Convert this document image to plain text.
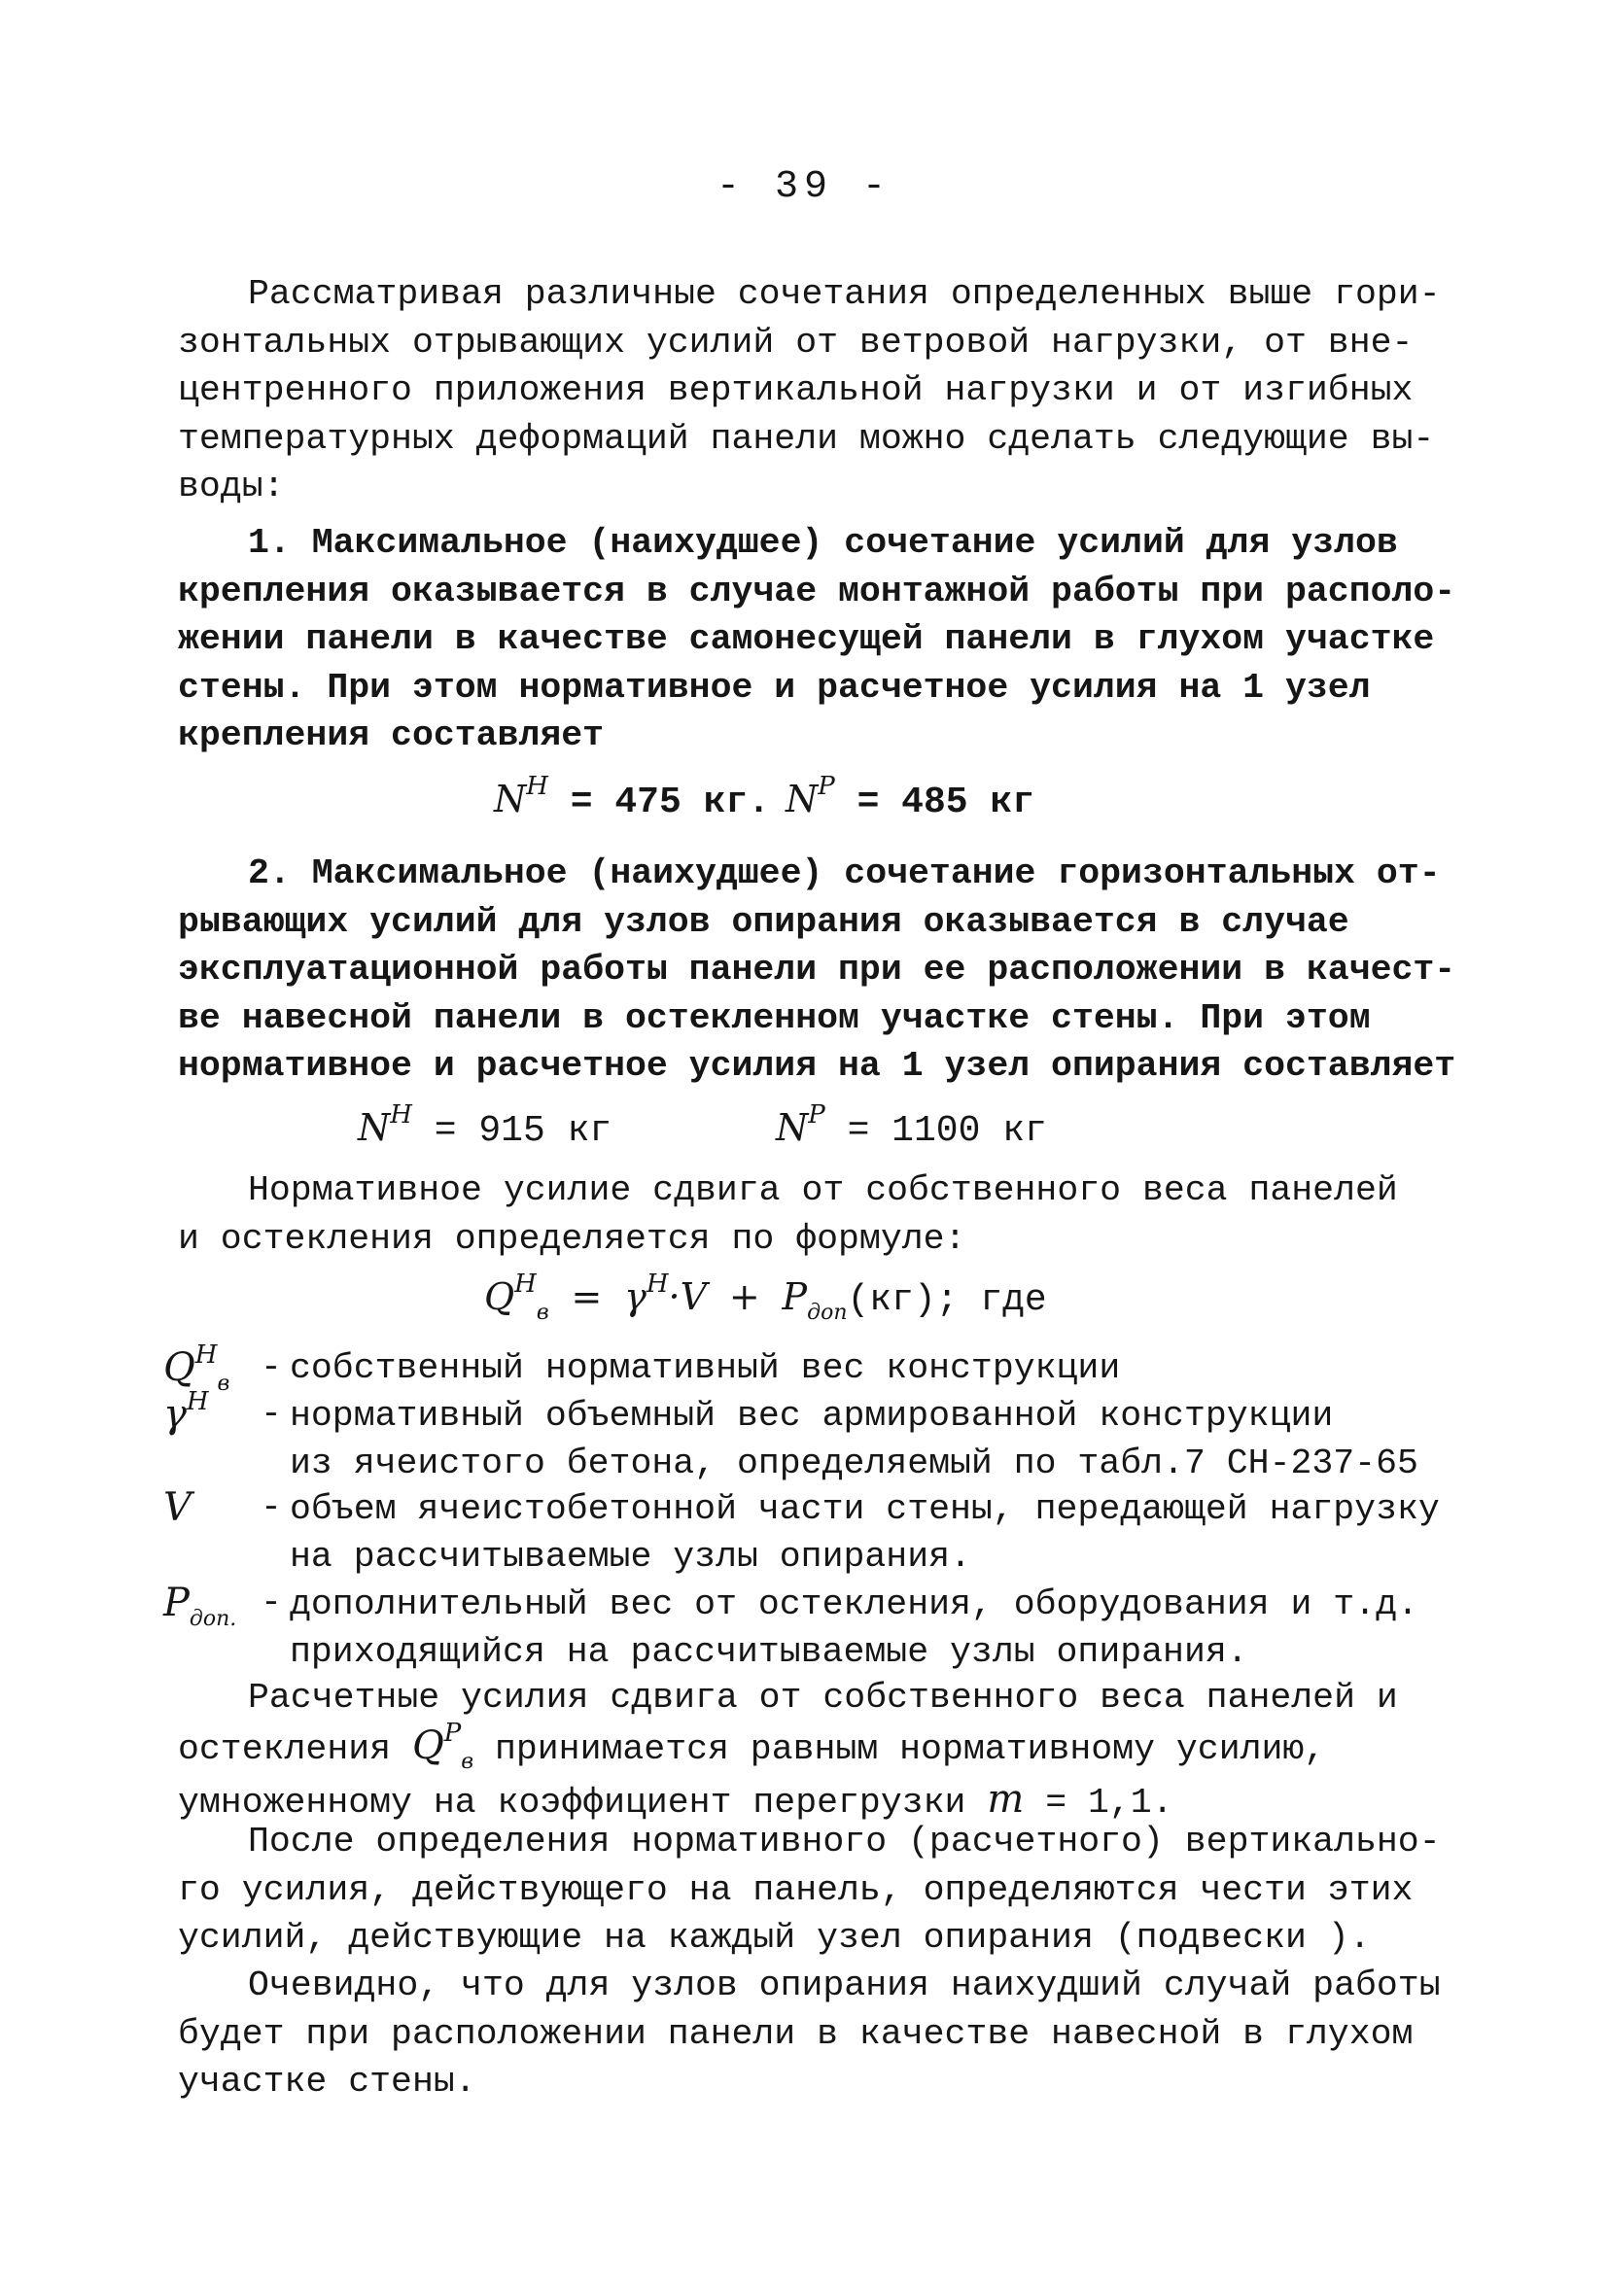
- 39 -
Рассматривая различные сочетания определенных выше гори-
зонтальных отрывающих усилий от ветровой нагрузки, от вне-
центренного приложения вертикальной нагрузки и от изгибных
температурных деформаций панели можно сделать следующие вы-
воды:
1. Максимальное (наихудшее) сочетание усилий для узлов
крепления оказывается в случае монтажной работы при располо-
жении панели в качестве самонесущей панели в глухом участке
стены. При этом нормативное и расчетное усилия на 1 узел
крепления составляет
$N^Н = 475$ кг. $N^Р = 485$ кг
2. Максимальное (наихудшее) сочетание горизонтальных от-
рывающих усилий для узлов опирания оказывается в случае
эксплуатационной работы панели при ее расположении в качест-
ве навесной панели в остекленном участке стены. При этом
нормативное и расчетное усилия на 1 узел опирания составляет
$N^Н = 915$ кг	$N^Р = 1100$ кг
Нормативное усилие сдвига от собственного веса панелей
и остекления определяется по формуле:
$Q^Н_в = \gamma^Н\cdot V + P_{доп}(кг)$; где
$Q^Н_в$ - собственный нормативный вес конструкции
$\gamma^Н$ - нормативный объемный вес армированной конструкции
из ячеистого бетона, определяемый по табл.7 СН-237-65
V - объем ячеистобетонной части стены, передающей нагрузку
на рассчитываемые узлы опирания.
$P_{доп.}$ - дополнительный вес от остекления, оборудования и т.д.
приходящийся на рассчитываемые узлы опирания.
Расчетные усилия сдвига от собственного веса панелей и
остекления $Q^Р_в$ принимается равным нормативному усилию,
умноженному на коэффициент перегрузки m = 1,1.
После определения нормативного (расчетного) вертикально-
го усилия, действующего на панель, определяются чести этих
усилий, действующие на каждый узел опирания (подвески ).
Очевидно, что для узлов опирания наихудший случай работы
будет при расположении панели в качестве навесной в глухом
участке стены.
